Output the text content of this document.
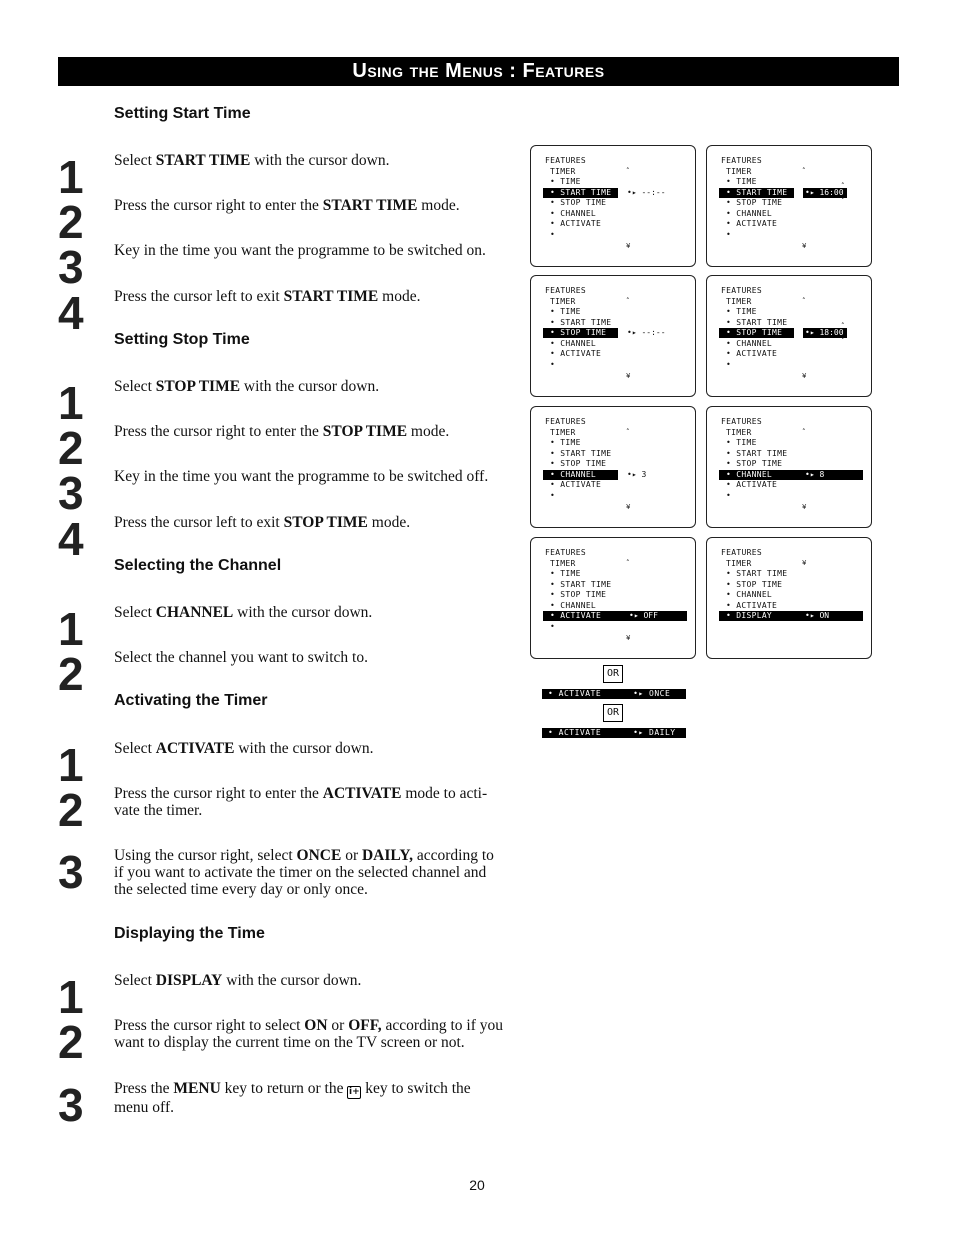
Using the Menus : Features
Setting Start Time
1	Select START TIME with the cursor down.
2	Press the cursor right to enter the START TIME mode.
3	Key in the time you want the programme to be switched on.
4	Press the cursor left to exit START TIME mode.
Setting Stop Time
1	Select STOP TIME with the cursor down.
2	Press the cursor right to enter the STOP TIME mode.
3	Key in the time you want the programme to be switched off.
4	Press the cursor left to exit STOP TIME mode.
Selecting the Channel
1	Select CHANNEL with the cursor down.
2	Select the channel you want to switch to.
Activating the Timer
1	Select ACTIVATE with the cursor down.
2	Press the cursor right to enter the ACTIVATE mode to acti-vate the timer.
3	Using the cursor right, select ONCE or DAILY, according to if you want to activate the timer on the selected channel and the selected time every day or only once.
Displaying the Time
1	Select DISPLAY with the cursor down.
2	Press the cursor right to select ON or OFF, according to if you want to display the current time on the TV screen or not.
3	Press the MENU key to return or the i+ key to switch the menu off.
FEATURES
TIMER
• TIME
• START TIME	•▸ --:--
• STOP TIME
• CHANNEL
• ACTIVATE
•
˄
¥
FEATURES
TIMER
• TIME
• START TIME	•▸ 16:00
˄
˅
• STOP TIME
• CHANNEL
• ACTIVATE
•
˄
¥
FEATURES
TIMER
• TIME
• START TIME
• STOP TIME	•▸ --:--
• CHANNEL
• ACTIVATE
•
˄
¥
FEATURES
TIMER
• TIME
• START TIME
• STOP TIME	•▸ 18:00
˄
˅
• CHANNEL
• ACTIVATE
•
˄
¥
FEATURES
TIMER
• TIME
• START TIME
• STOP TIME
• CHANNEL	•▸ 3
• ACTIVATE
•
˄
¥
FEATURES
TIMER
• TIME
• START TIME
• STOP TIME
• CHANNEL	•▸ 8
• ACTIVATE
•
˄
¥
FEATURES
TIMER
• TIME
• START TIME
• STOP TIME
• CHANNEL
• ACTIVATE	•▸ OFF
•
˄
¥
FEATURES
TIMER
• START TIME
• STOP TIME
• CHANNEL
• ACTIVATE
• DISPLAY	•▸ ON
¥
OR
• ACTIVATE      •▸ ONCE
OR
• ACTIVATE      •▸ DAILY
20
